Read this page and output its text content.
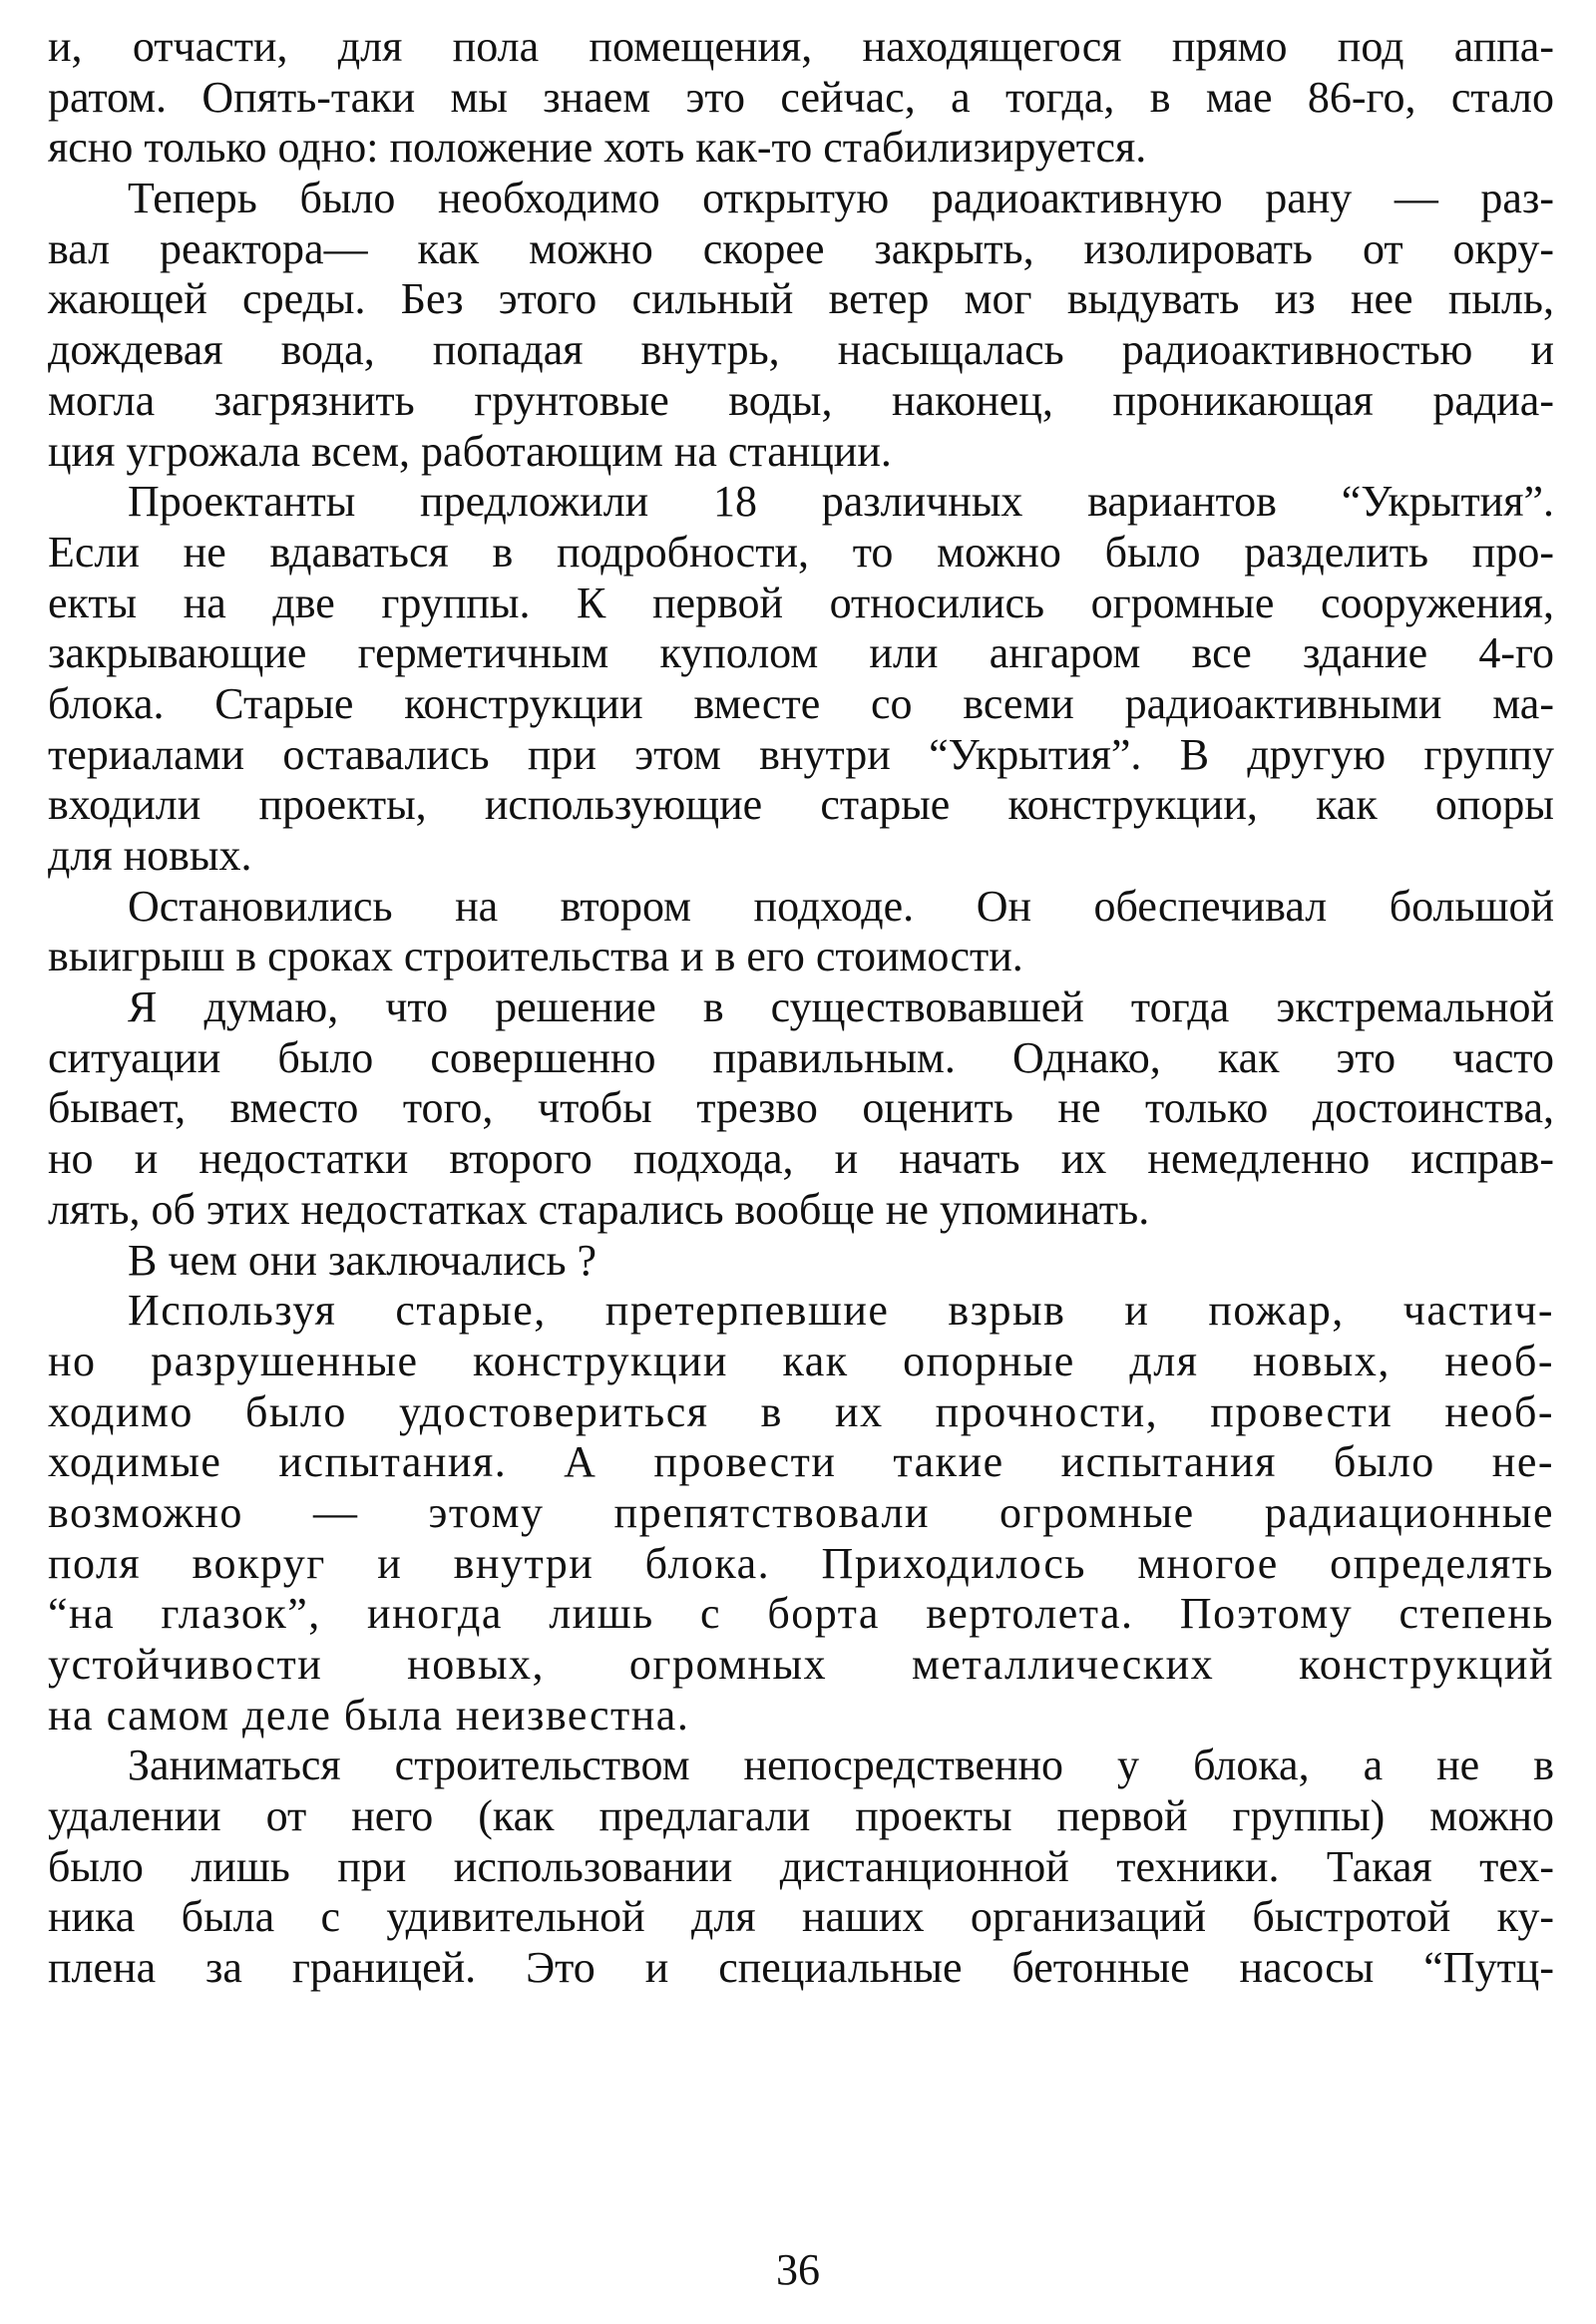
и, отчасти, для пола помещения, находящегося прямо под аппа-
ратом. Опять-таки мы знаем это сейчас, а тогда, в мае 86-го, стало
ясно только одно: положение хоть как-то стабилизируется.
Теперь было необходимо открытую радиоактивную рану — раз-
вал реактора— как можно скорее закрыть, изолировать от окру-
жающей среды. Без этого сильный ветер мог выдувать из нее пыль,
дождевая вода, попадая внутрь, насыщалась радиоактивностью и
могла загрязнить грунтовые воды, наконец, проникающая радиа-
ция угрожала всем, работающим на станции.
Проектанты предложили 18 различных вариантов “Укрытия”.
Если не вдаваться в подробности, то можно было разделить про-
екты на две группы. К первой относились огромные сооружения,
закрывающие герметичным куполом или ангаром все здание 4-го
блока. Старые конструкции вместе со всеми радиоактивными ма-
териалами оставались при этом внутри “Укрытия”. В другую группу
входили проекты, использующие старые конструкции, как опоры
для новых.
Остановились на втором подходе. Он обеспечивал большой
выигрыш в сроках строительства и в его стоимости.
Я думаю, что решение в существовавшей тогда экстремальной
ситуации было совершенно правильным. Однако, как это часто
бывает, вместо того, чтобы трезво оценить не только достоинства,
но и недостатки второго подхода, и начать их немедленно исправ-
лять, об этих недостатках старались вообще не упоминать.
В чем они заключались ?
Используя старые, претерпевшие взрыв и пожар, частич-
но разрушенные конструкции как опорные для новых, необ-
ходимо было удостовериться в их прочности, провести необ-
ходимые испытания. А провести такие испытания было не-
возможно — этому препятствовали огромные радиационные
поля вокруг и внутри блока. Приходилось многое определять
“на глазок”, иногда лишь с борта вертолета. Поэтому степень
устойчивости новых, огромных металлических конструкций
на самом деле была неизвестна.
Заниматься строительством непосредственно у блока, а не в
удалении от него (как предлагали проекты первой группы) можно
было лишь при использовании дистанционной техники. Такая тех-
ника была с удивительной для наших организаций быстротой ку-
плена за границей. Это и специальные бетонные насосы “Путц-
36
